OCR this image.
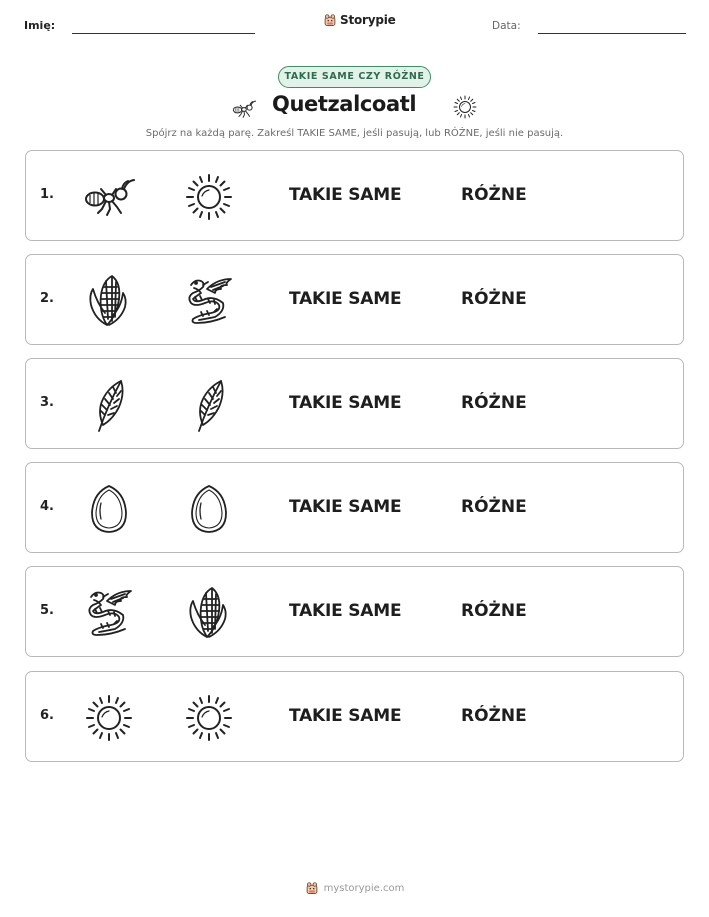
Imię:	Storypie	Data:
TAKIE SAME CZY RÓŻNE
Quetzalcoatl
Spójrz na każdą parę. Zakreśl TAKIE SAME, jeśli pasują, lub RÓŻNE, jeśli nie pasują.
1.	TAKIE SAME	RÓŻNE
2.	TAKIE SAME	RÓŻNE
3.	TAKIE SAME	RÓŻNE
4.	TAKIE SAME	RÓŻNE
5.	TAKIE SAME	RÓŻNE
6.	TAKIE SAME	RÓŻNE
mystorypie.com
